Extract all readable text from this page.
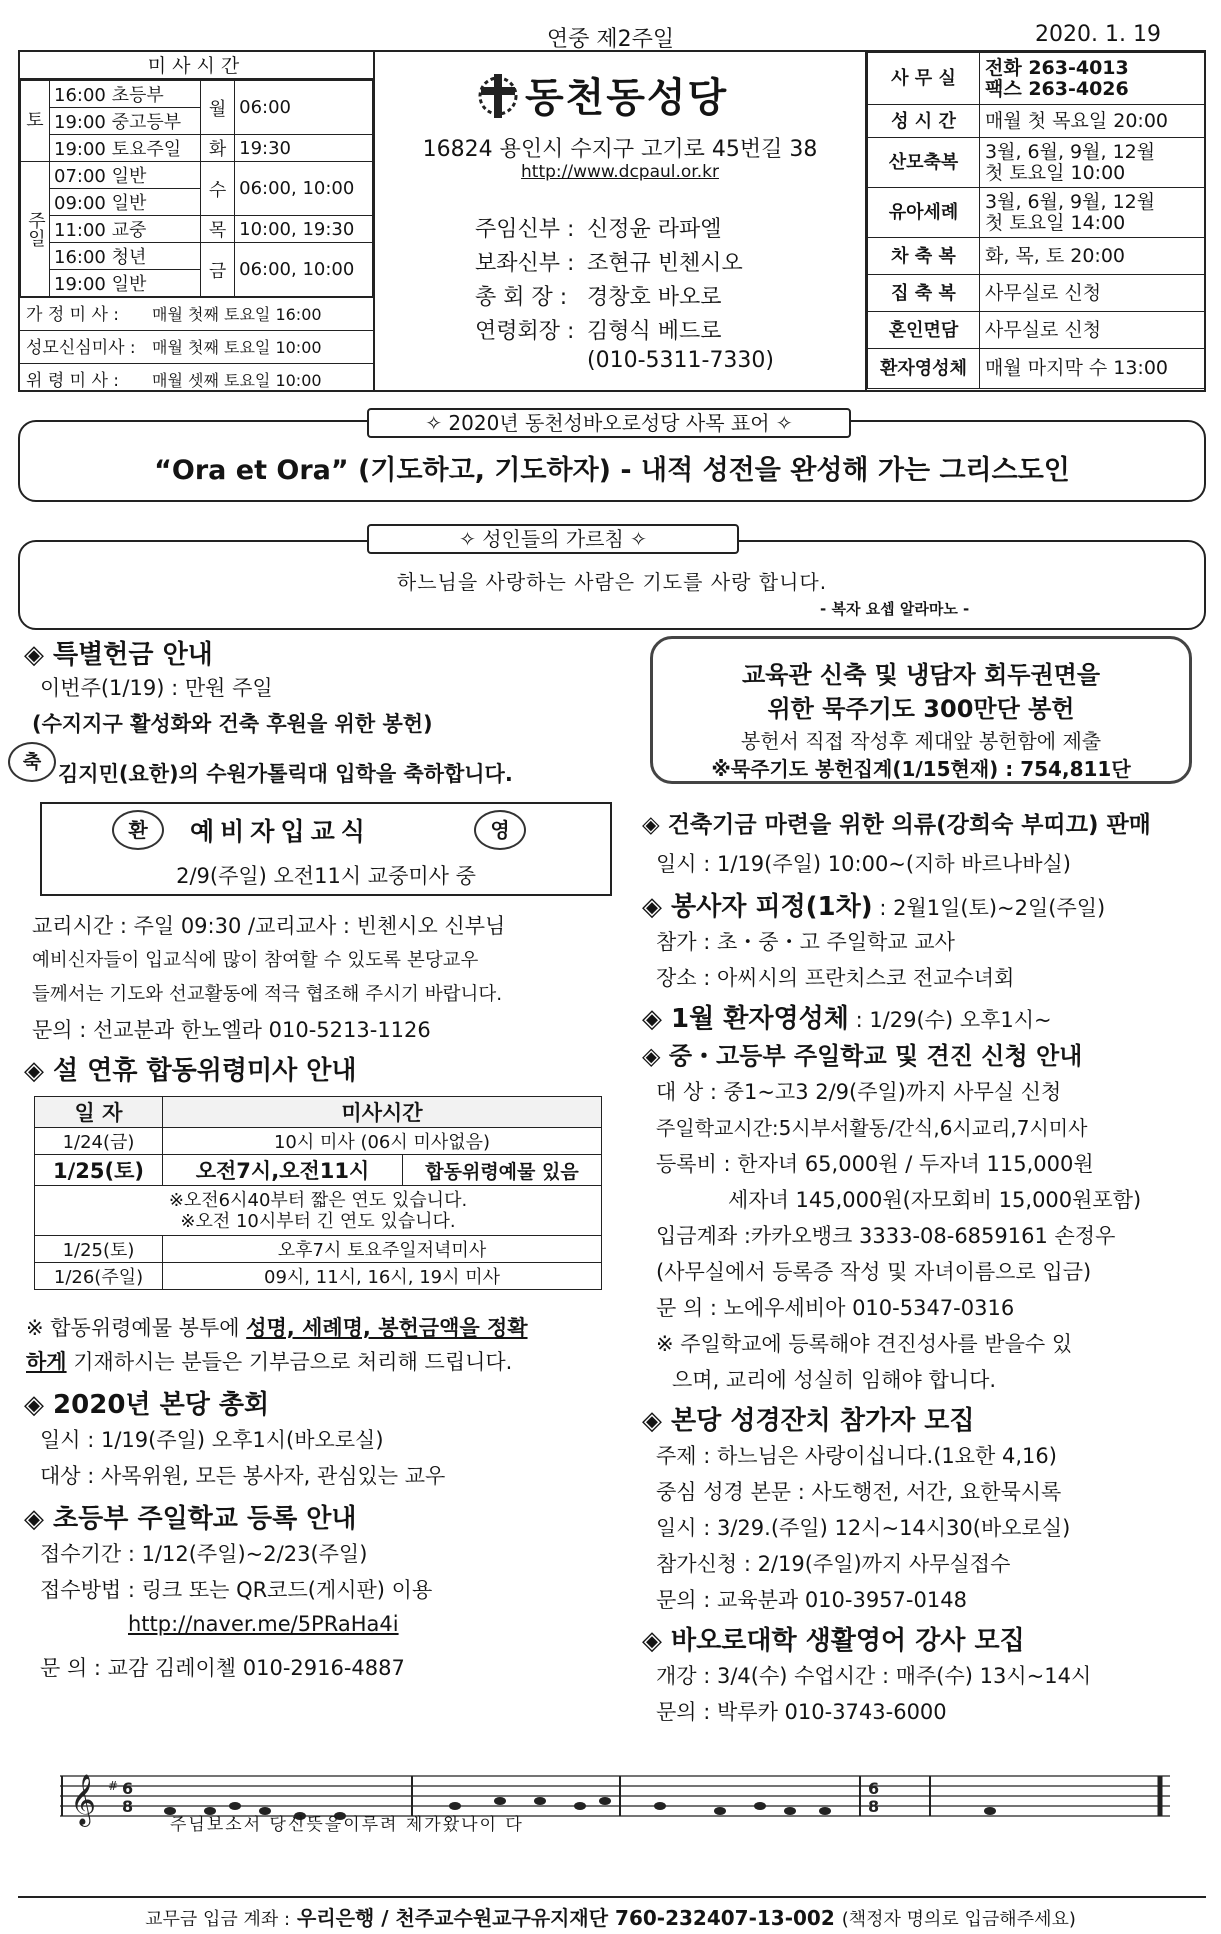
연중 제2주일	2020. 1. 19
미사시간
토	16:00 초등부	월	06:00
	19:00 중고등부		
	19:00 토요주일	화	19:30
주일	07:00 일반	수	06:00, 10:00
	09:00 일반		
	11:00 교중	목	10:00, 19:30
	16:00 청년	금	06:00, 10:00
	19:00 일반		
가 정 미 사 : 매월 첫째 토요일 16:00
성모신심미사 : 매월 첫째 토요일 10:00
위 령 미 사 : 매월 셋째 토요일 10:00
동천동성당
16824 용인시 수지구 고기로 45번길 38
http://www.dcpaul.or.kr
주임신부 : 신정윤 라파엘
보좌신부 : 조현규 빈첸시오
총 회 장 : 경창호 바오로
연령회장 : 김형식 베드로
(010-5311-7330)
사 무 실	전화 263-4013
팩스 263-4026
성 시 간	매월 첫 목요일 20:00
산모축복	3월, 6월, 9월, 12월
첫 토요일 10:00
유아세례	3월, 6월, 9월, 12월
첫 토요일 14:00
차 축 복	화, 목, 토 20:00
집 축 복	사무실로 신청
혼인면담	사무실로 신청
환자영성체	매월 마지막 수 13:00
✧ 2020년 동천성바오로성당 사목 표어 ✧
“Ora et Ora” (기도하고, 기도하자) - 내적 성전을 완성해 가는 그리스도인
✧ 성인들의 가르침 ✧
하느님을 사랑하는 사람은 기도를 사랑 합니다.
- 복자 요셉 알라마노 -
◈ 특별헌금 안내
이번주(1/19) : 만원 주일
(수지지구 활성화와 건축 후원을 위한 봉헌)
축 김지민(요한)의 수원가톨릭대 입학을 축하합니다.
환	예비자입교식	영
2/9(주일) 오전11시 교중미사 중
교리시간 : 주일 09:30 /교리교사 : 빈첸시오 신부님
예비신자들이 입교식에 많이 참여할 수 있도록 본당교우
들께서는 기도와 선교활동에 적극 협조해 주시기 바랍니다.
문의 : 선교분과 한노엘라 010-5213-1126
◈ 설 연휴 합동위령미사 안내
일 자	미사시간	
1/24(금)	10시 미사 (06시 미사없음)	
1/25(토)	오전7시,오전11시	합동위령예물 있음
※오전6시40부터 짧은 연도 있습니다.
※오전 10시부터 긴 연도 있습니다.		
1/25(토)	오후7시 토요주일저녁미사	
1/26(주일)	09시, 11시, 16시, 19시 미사	
※ 합동위령예물 봉투에 성명, 세례명, 봉헌금액을 정확
하게 기재하시는 분들은 기부금으로 처리해 드립니다.
◈ 2020년 본당 총회
일시 : 1/19(주일) 오후1시(바오로실)
대상 : 사목위원, 모든 봉사자, 관심있는 교우
◈ 초등부 주일학교 등록 안내
접수기간 : 1/12(주일)~2/23(주일)
접수방법 : 링크 또는 QR코드(게시판) 이용
http://naver.me/5PRaHa4i
문 의 : 교감 김레이첼 010-2916-4887
교육관 신축 및 냉담자 회두권면을
위한 묵주기도 300만단 봉헌
봉헌서 직접 작성후 제대앞 봉헌함에 제출
※묵주기도 봉헌집계(1/15현재) : 754,811단
◈ 건축기금 마련을 위한 의류(강희숙 부띠끄) 판매
일시 : 1/19(주일) 10:00~(지하 바르나바실)
◈ 봉사자 피정(1차) : 2월1일(토)~2일(주일)
참가 : 초・중・고 주일학교 교사
장소 : 아씨시의 프란치스코 전교수녀회
◈ 1월 환자영성체 : 1/29(수) 오후1시~
◈ 중・고등부 주일학교 및 견진 신청 안내
대 상 : 중1~고3 2/9(주일)까지 사무실 신청
주일학교시간:5시부서활동/간식,6시교리,7시미사
등록비 : 한자녀 65,000원 / 두자녀 115,000원
세자녀 145,000원(자모회비 15,000원포함)
입금계좌 :카카오뱅크 3333-08-6859161 손정우
(사무실에서 등록증 작성 및 자녀이름으로 입금)
문 의 : 노에우세비아 010-5347-0316
※ 주일학교에 등록해야 견진성사를 받을수 있
으며, 교리에 성실히 임해야 합니다.
◈ 본당 성경잔치 참가자 모집
주제 : 하느님은 사랑이십니다.(1요한 4,16)
중심 성경 본문 : 사도행전, 서간, 요한묵시록
일시 : 3/29.(주일) 12시~14시30(바오로실)
참가신청 : 2/19(주일)까지 사무실접수
문의 : 교육분과 010-3957-0148
◈ 바오로대학 생활영어 강사 모집
개강 : 3/4(수) 수업시간 : 매주(수) 13시~14시
문의 : 박루카 010-3743-6000
𝄞 # 6
8
6
8
주님보소서 당신뜻을이루려 제가왔나이 다
교무금 입금 계좌 : 우리은행 / 천주교수원교구유지재단 760-232407-13-002 (책정자 명의로 입금해주세요)
